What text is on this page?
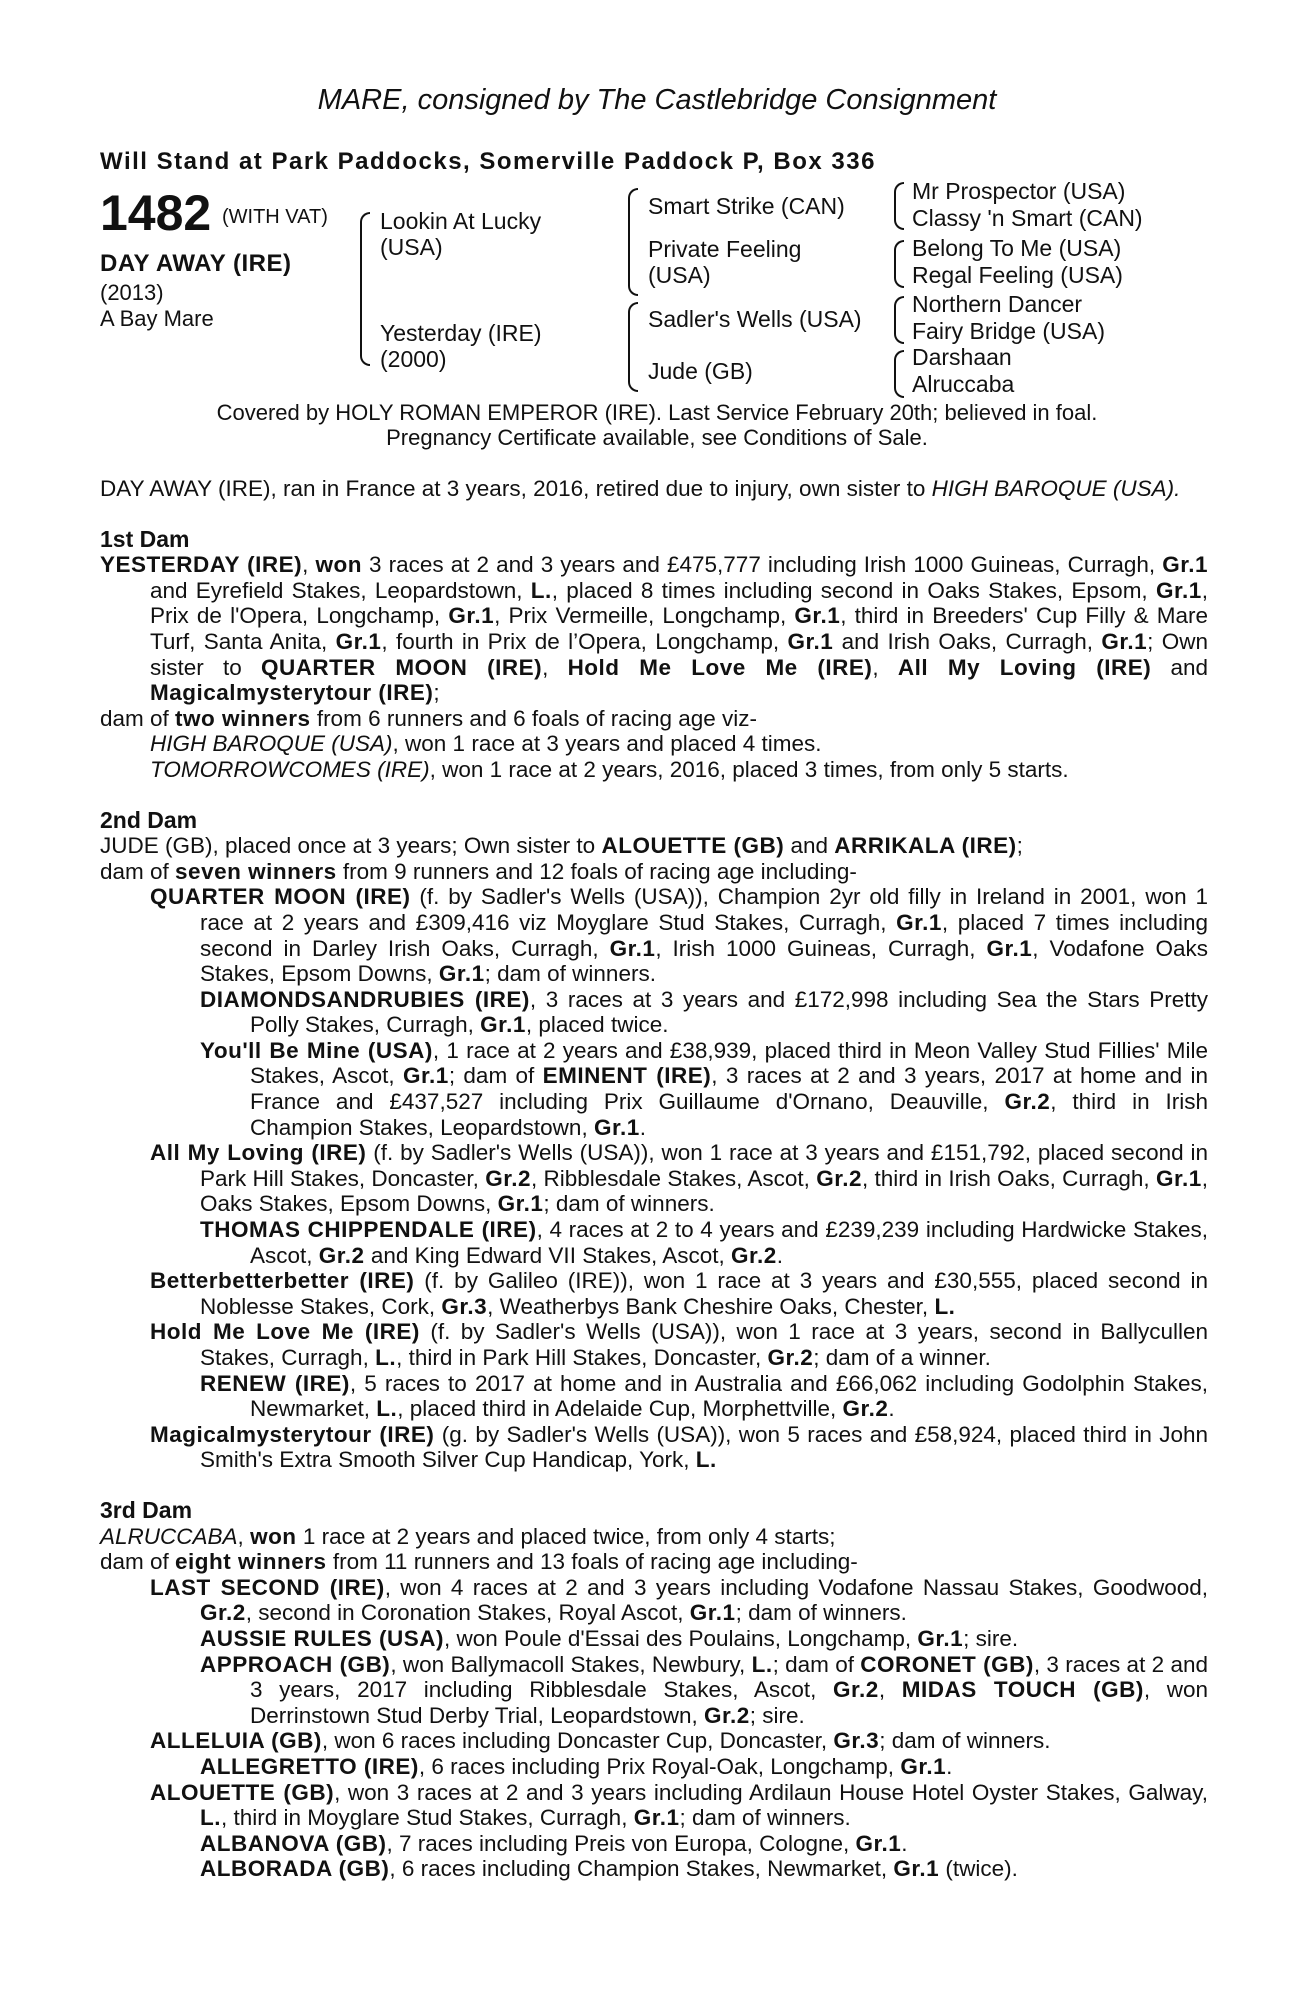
MARE, consigned by The Castlebridge Consignment
Will Stand at Park Paddocks, Somerville Paddock P, Box 336
1482 (WITH VAT)
DAY AWAY (IRE)
(2013)
A Bay Mare
Lookin At Lucky
(USA)
Yesterday (IRE)
(2000)
Smart Strike (CAN)
Private Feeling
(USA)
Sadler's Wells (USA)
Jude (GB)
Mr Prospector (USA)
Classy 'n Smart (CAN)
Belong To Me (USA)
Regal Feeling (USA)
Northern Dancer
Fairy Bridge (USA)
Darshaan
Alruccaba
Covered by HOLY ROMAN EMPEROR (IRE). Last Service February 20th; believed in foal.
Pregnancy Certificate available, see Conditions of Sale.

DAY AWAY (IRE), ran in France at 3 years, 2016, retired due to injury, own sister to HIGH BAROQUE (USA).

1st Dam

YESTERDAY (IRE), won 3 races at 2 and 3 years and £475,777 including Irish 1000 Guineas, Curragh, Gr.1 and Eyrefield Stakes, Leopardstown, L., placed 8 times including second in Oaks Stakes, Epsom, Gr.1, Prix de l'Opera, Longchamp, Gr.1, Prix Vermeille, Longchamp, Gr.1, third in Breeders' Cup Filly & Mare Turf, Santa Anita, Gr.1, fourth in Prix de l’Opera, Longchamp, Gr.1 and Irish Oaks, Curragh, Gr.1; Own sister to QUARTER MOON (IRE), Hold Me Love Me (IRE), All My Loving (IRE) and Magicalmysterytour (IRE);

dam of two winners from 6 runners and 6 foals of racing age viz-

HIGH BAROQUE (USA), won 1 race at 3 years and placed 4 times.

TOMORROWCOMES (IRE), won 1 race at 2 years, 2016, placed 3 times, from only 5 starts.

2nd Dam

JUDE (GB), placed once at 3 years; Own sister to ALOUETTE (GB) and ARRIKALA (IRE);

dam of seven winners from 9 runners and 12 foals of racing age including-

QUARTER MOON (IRE) (f. by Sadler's Wells (USA)), Champion 2yr old filly in Ireland in 2001, won 1 race at 2 years and £309,416 viz Moyglare Stud Stakes, Curragh, Gr.1, placed 7 times including second in Darley Irish Oaks, Curragh, Gr.1, Irish 1000 Guineas, Curragh, Gr.1, Vodafone Oaks Stakes, Epsom Downs, Gr.1; dam of winners.

DIAMONDSANDRUBIES (IRE), 3 races at 3 years and £172,998 including Sea the Stars Pretty Polly Stakes, Curragh, Gr.1, placed twice.

You'll Be Mine (USA), 1 race at 2 years and £38,939, placed third in Meon Valley Stud Fillies' Mile Stakes, Ascot, Gr.1; dam of EMINENT (IRE), 3 races at 2 and 3 years, 2017 at home and in France and £437,527 including Prix Guillaume d'Ornano, Deauville, Gr.2, third in Irish Champion Stakes, Leopardstown, Gr.1.

All My Loving (IRE) (f. by Sadler's Wells (USA)), won 1 race at 3 years and £151,792, placed second in Park Hill Stakes, Doncaster, Gr.2, Ribblesdale Stakes, Ascot, Gr.2, third in Irish Oaks, Curragh, Gr.1, Oaks Stakes, Epsom Downs, Gr.1; dam of winners.

THOMAS CHIPPENDALE (IRE), 4 races at 2 to 4 years and £239,239 including Hardwicke Stakes, Ascot, Gr.2 and King Edward VII Stakes, Ascot, Gr.2.

Betterbetterbetter (IRE) (f. by Galileo (IRE)), won 1 race at 3 years and £30,555, placed second in Noblesse Stakes, Cork, Gr.3, Weatherbys Bank Cheshire Oaks, Chester, L.

Hold Me Love Me (IRE) (f. by Sadler's Wells (USA)), won 1 race at 3 years, second in Ballycullen Stakes, Curragh, L., third in Park Hill Stakes, Doncaster, Gr.2; dam of a winner.

RENEW (IRE), 5 races to 2017 at home and in Australia and £66,062 including Godolphin Stakes, Newmarket, L., placed third in Adelaide Cup, Morphettville, Gr.2.

Magicalmysterytour (IRE) (g. by Sadler's Wells (USA)), won 5 races and £58,924, placed third in John Smith's Extra Smooth Silver Cup Handicap, York, L.

3rd Dam

ALRUCCABA, won 1 race at 2 years and placed twice, from only 4 starts;

dam of eight winners from 11 runners and 13 foals of racing age including-

LAST SECOND (IRE), won 4 races at 2 and 3 years including Vodafone Nassau Stakes, Goodwood, Gr.2, second in Coronation Stakes, Royal Ascot, Gr.1; dam of winners.

AUSSIE RULES (USA), won Poule d'Essai des Poulains, Longchamp, Gr.1; sire.

APPROACH (GB), won Ballymacoll Stakes, Newbury, L.; dam of CORONET (GB), 3 races at 2 and 3 years, 2017 including Ribblesdale Stakes, Ascot, Gr.2, MIDAS TOUCH (GB), won Derrinstown Stud Derby Trial, Leopardstown, Gr.2; sire.

ALLELUIA (GB), won 6 races including Doncaster Cup, Doncaster, Gr.3; dam of winners.

ALLEGRETTO (IRE), 6 races including Prix Royal-Oak, Longchamp, Gr.1.

ALOUETTE (GB), won 3 races at 2 and 3 years including Ardilaun House Hotel Oyster Stakes, Galway, L., third in Moyglare Stud Stakes, Curragh, Gr.1; dam of winners.

ALBANOVA (GB), 7 races including Preis von Europa, Cologne, Gr.1.

ALBORADA (GB), 6 races including Champion Stakes, Newmarket, Gr.1 (twice).
